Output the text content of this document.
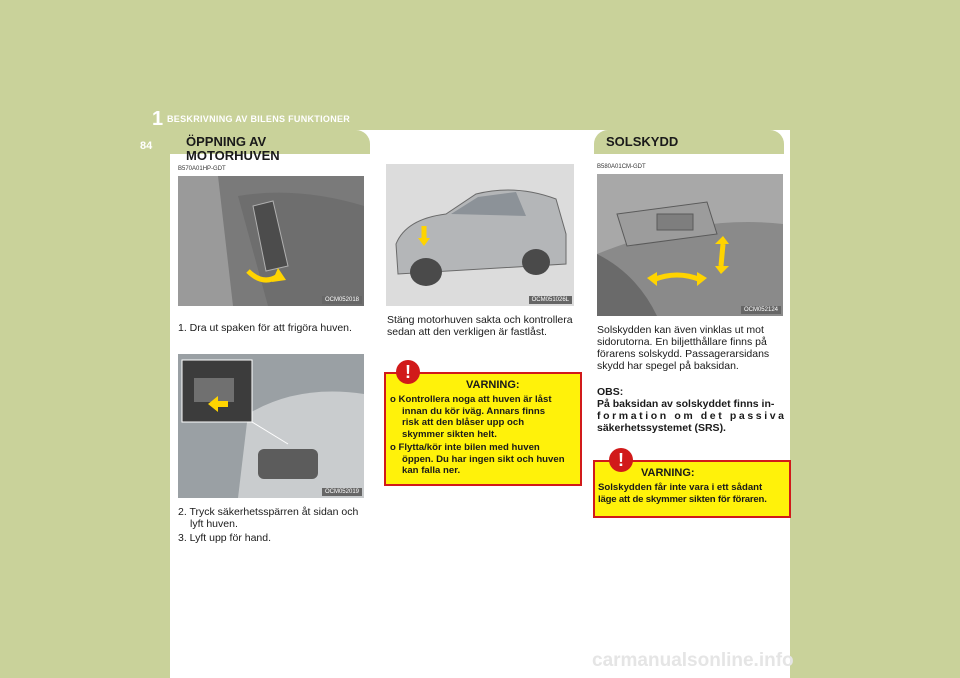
1 BESKRIVNING AV BILENS FUNKTIONER
84	ÖPPNING AV
MOTORHUVEN
B570A01HP-GDT
OCM052018
1. Dra ut spaken för att frigöra huven.
OCM052019
2. Tryck säkerhetsspärren åt sidan och
lyft huven.
3. Lyft upp för hand.
OCM051026L
Stäng motorhuven sakta och kontrollera
sedan att den verkligen är fastlåst.
!
VARNING:
o Kontrollera noga att huven är låst
innan du kör iväg. Annars finns
risk att den blåser upp och
skymmer sikten helt.
o Flytta/kör inte bilen med huven
öppen. Du har ingen sikt och huven
kan falla ner.
SOLSKYDD
B580A01CM-GDT
OCM052124
Solskydden kan även vinklas ut mot
sidorutorna. En biljetthållare finns på
förarens solskydd. Passagerarsidans
skydd har spegel på baksidan.
OBS:
På baksidan av solskyddet finns in-
formation om det passiva
säkerhetssystemet (SRS).
!
VARNING:
Solskydden får inte vara i ett sådant
läge att de skymmer sikten för föraren.
carmanualsonline.info
